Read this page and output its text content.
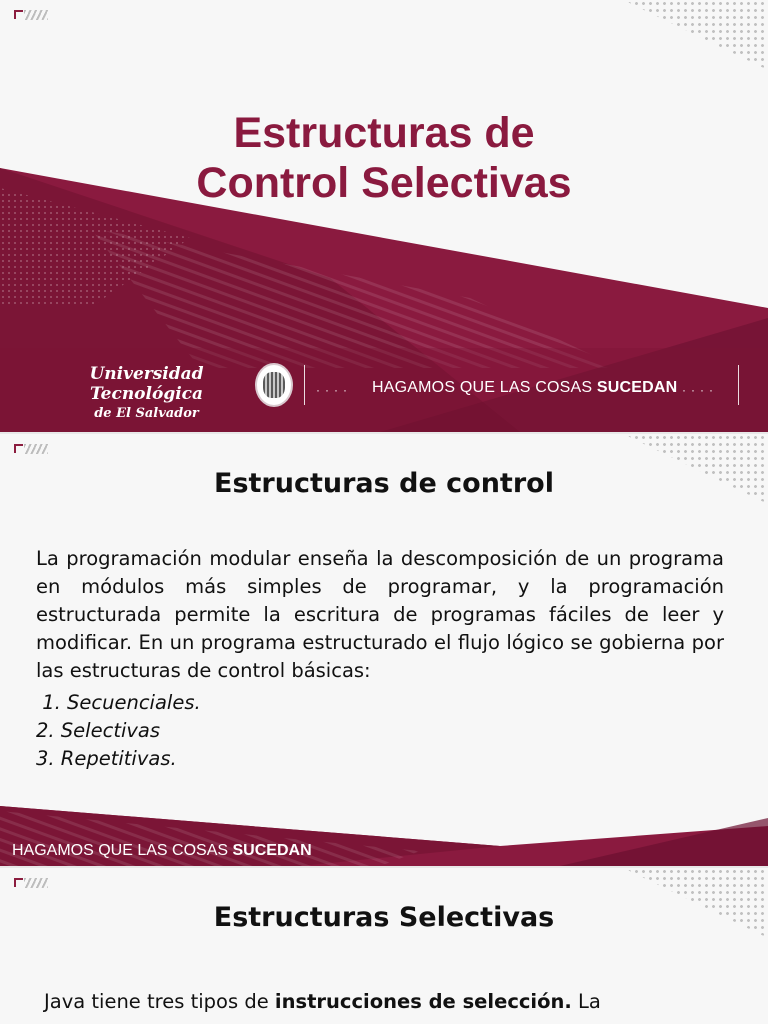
Estructuras de
Control Selectivas
Universidad Tecnológica
de El Salvador
···· HAGAMOS QUE LAS COSAS SUCEDAN ····
Estructuras de control

La programación modular enseña la descomposición de un programa en módulos más simples de programar, y la programación estructurada permite la escritura de programas fáciles de leer y modificar. En un programa estructurado el flujo lógico se gobierna por las estructuras de control básicas:

1. Secuenciales.
2. Selectivas
3. Repetitivas.
HAGAMOS QUE LAS COSAS SUCEDAN
Estructuras Selectivas

Java tiene tres tipos de instrucciones de selección. La
